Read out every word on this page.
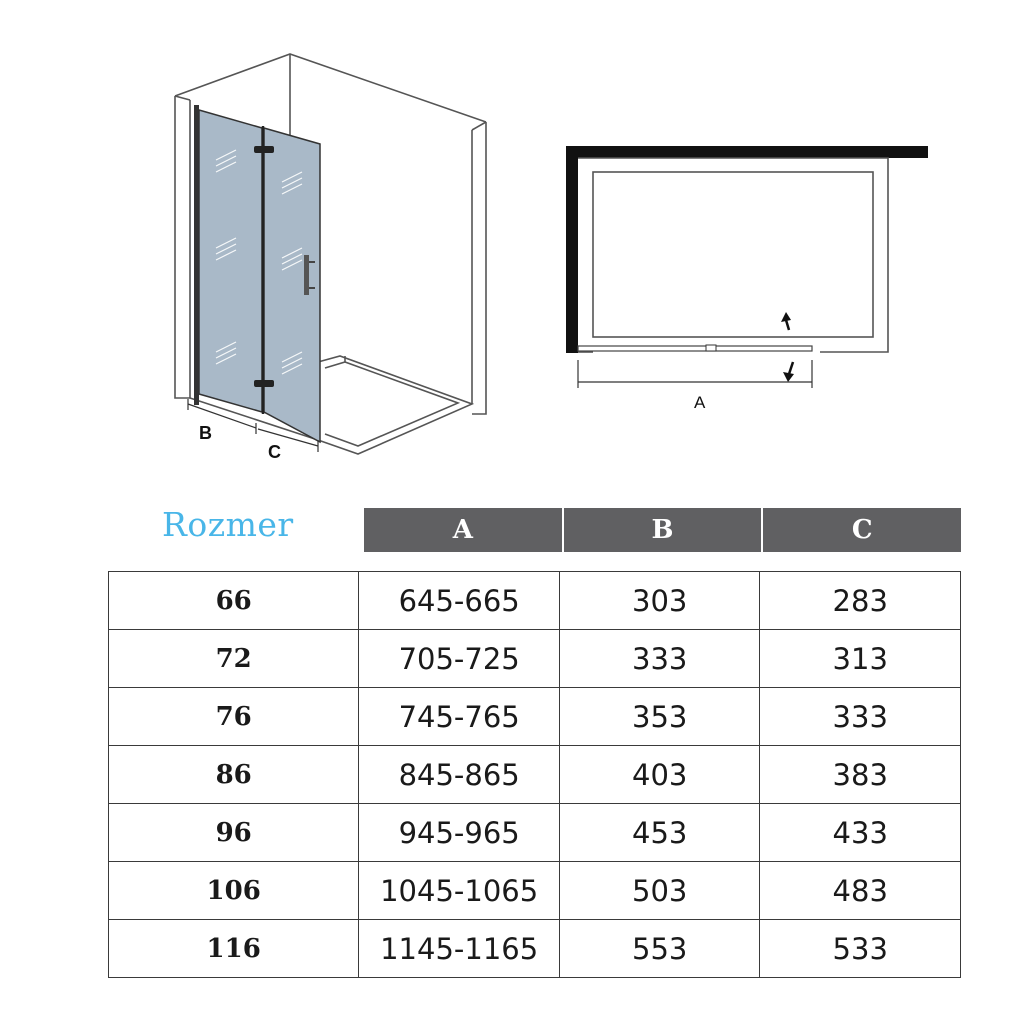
B
C
A
Rozmer	A	B	C
66	645-665	303	283
72	705-725	333	313
76	745-765	353	333
86	845-865	403	383
96	945-965	453	433
106	1045-1065	503	483
116	1145-1165	553	533
